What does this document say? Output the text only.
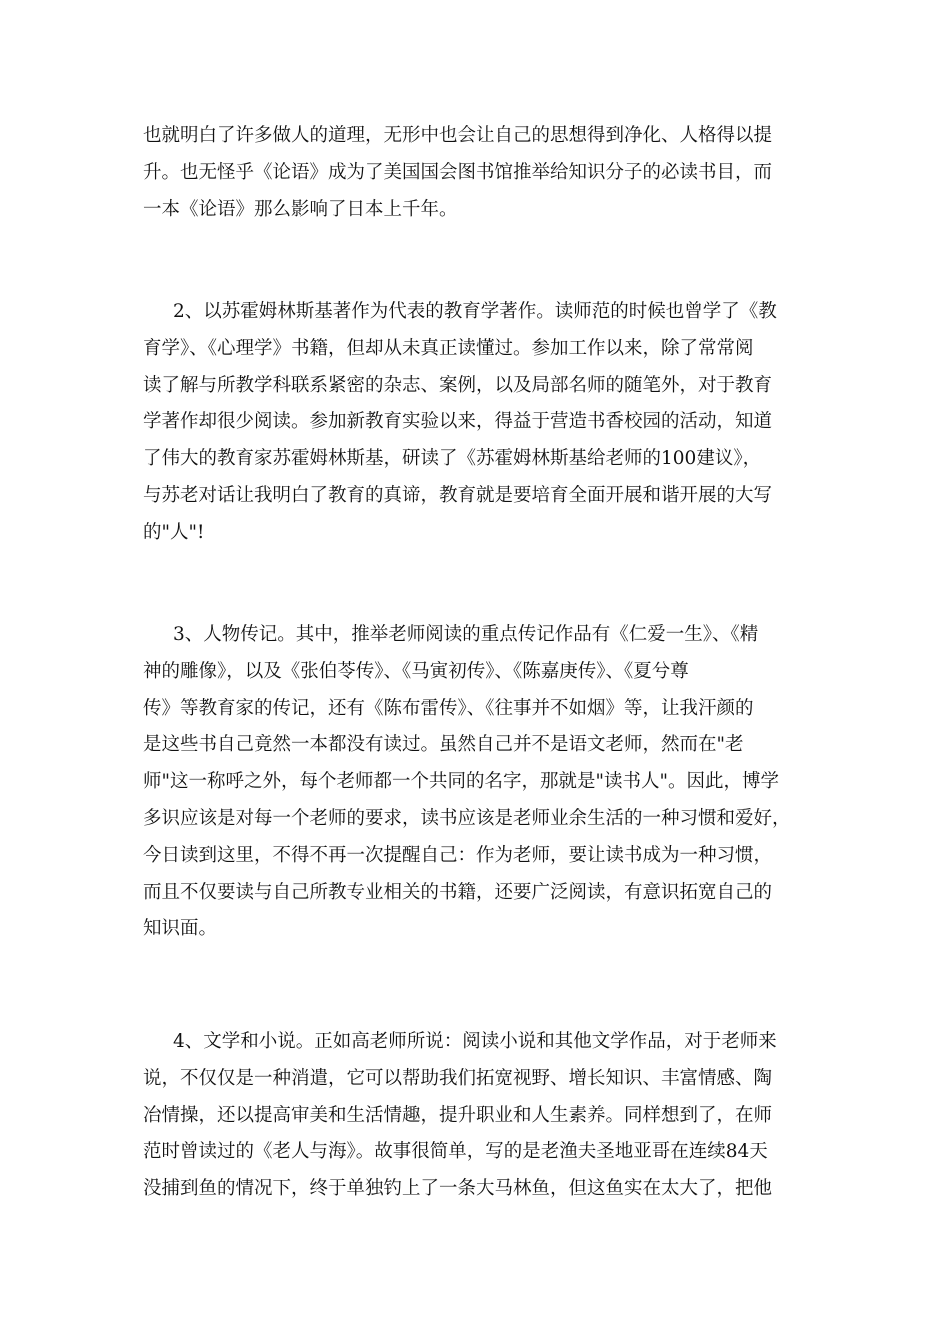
也就明白了许多做人的道理，无形中也会让自己的思想得到净化、人格得以提
升。也无怪乎《论语》成为了美国国会图书馆推举给知识分子的必读书目，而
一本《论语》那么影响了日本上千年。

2、以苏霍姆林斯基著作为代表的教育学著作。读师范的时候也曾学了《教
育学》、《心理学》书籍，但却从未真正读懂过。参加工作以来，除了常常阅
读了解与所教学科联系紧密的杂志、案例，以及局部名师的随笔外，对于教育
学著作却很少阅读。参加新教育实验以来，得益于营造书香校园的活动，知道
了伟大的教育家苏霍姆林斯基，研读了《苏霍姆林斯基给老师的100建议》，
与苏老对话让我明白了教育的真谛，教育就是要培育全面开展和谐开展的大写
的"人"!

3、人物传记。其中，推举老师阅读的重点传记作品有《仁爱一生》、《精
神的雕像》，以及《张伯苓传》、《马寅初传》、《陈嘉庚传》、《夏兮尊
传》等教育家的传记，还有《陈布雷传》、《往事并不如烟》等，让我汗颜的
是这些书自己竟然一本都没有读过。虽然自己并不是语文老师，然而在"老
师"这一称呼之外，每个老师都一个共同的名字，那就是"读书人"。因此，博学
多识应该是对每一个老师的要求，读书应该是老师业余生活的一种习惯和爱好，
今日读到这里，不得不再一次提醒自己：作为老师，要让读书成为一种习惯，
而且不仅要读与自己所教专业相关的书籍，还要广泛阅读，有意识拓宽自己的
知识面。

4、文学和小说。正如高老师所说：阅读小说和其他文学作品，对于老师来
说，不仅仅是一种消遣，它可以帮助我们拓宽视野、增长知识、丰富情感、陶
冶情操，还以提高审美和生活情趣，提升职业和人生素养。同样想到了，在师
范时曾读过的《老人与海》。故事很简单，写的是老渔夫圣地亚哥在连续84天
没捕到鱼的情况下，终于单独钓上了一条大马林鱼，但这鱼实在太大了，把他
